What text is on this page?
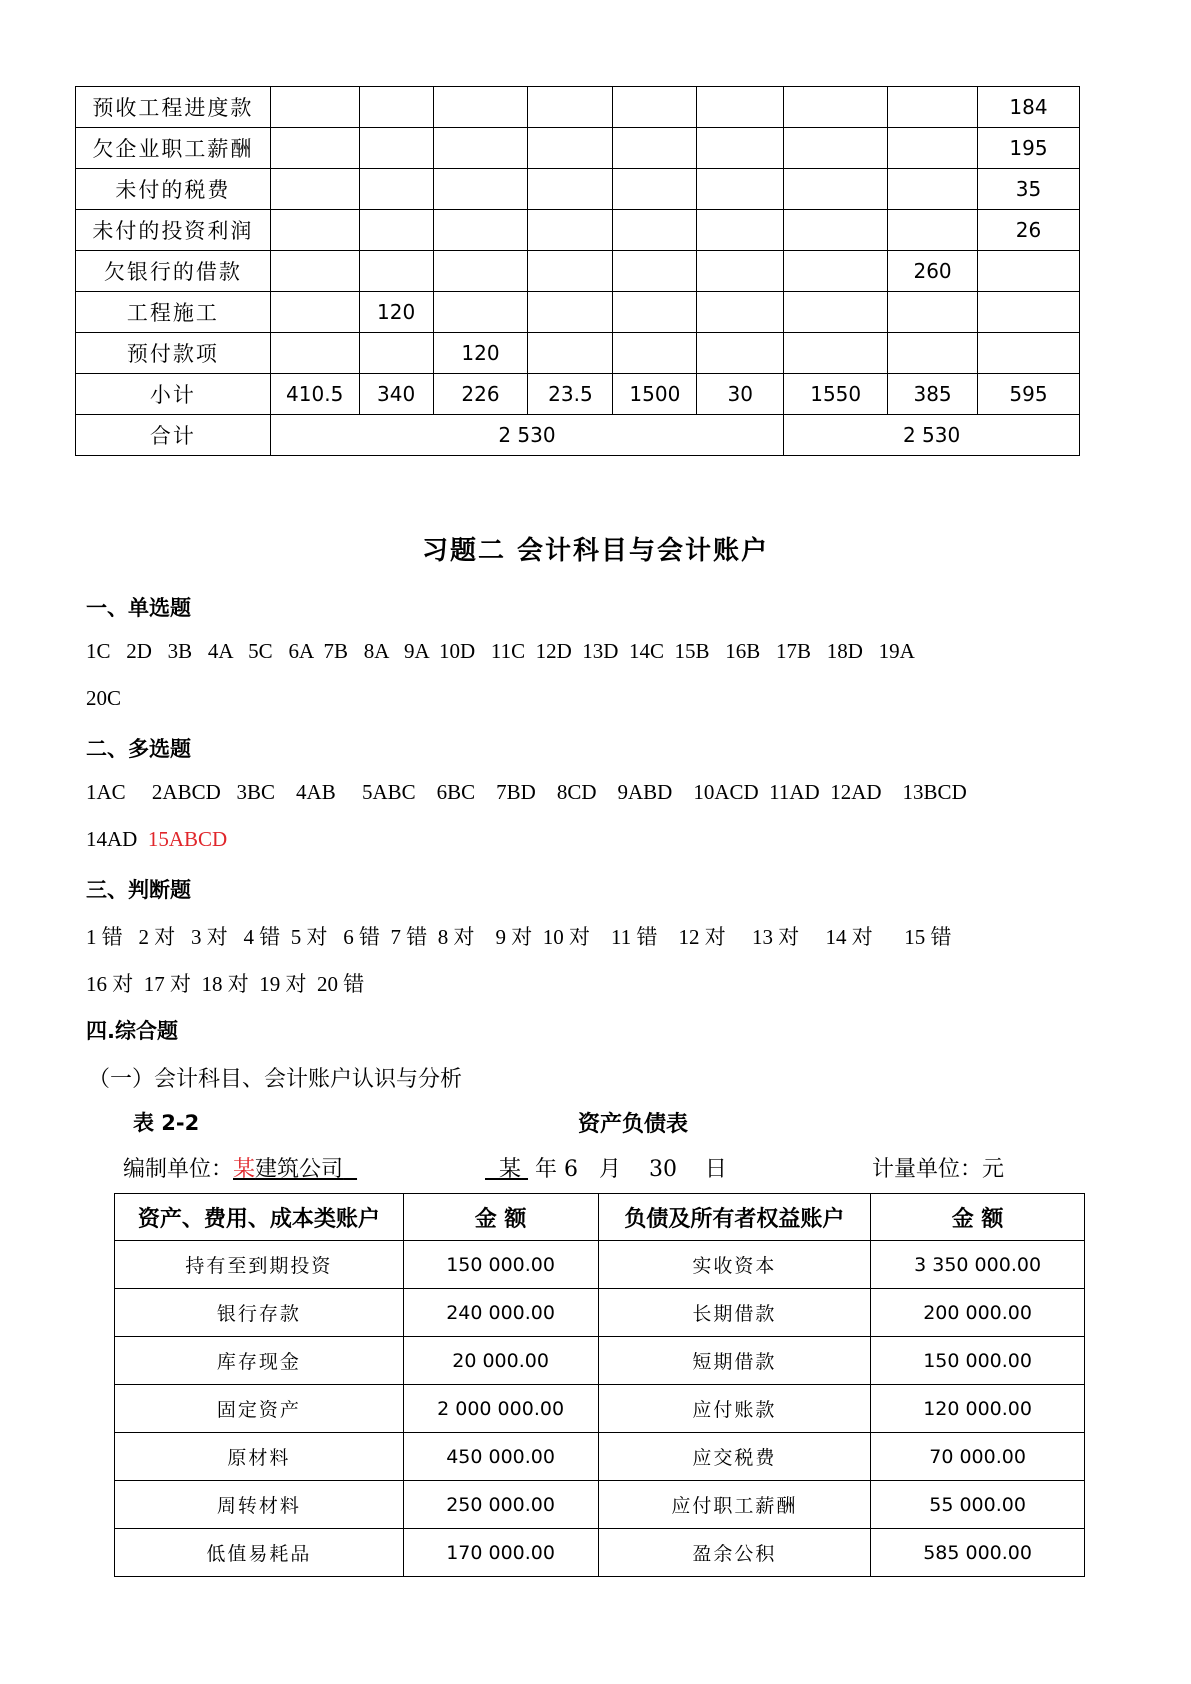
预收工程进度款									184
欠企业职工薪酬									195
未付的税费									35
未付的投资利润									26
欠银行的借款								260	
工程施工		120							
预付款项			120						
小计	410.5	340	226	23.5	1500	30	1550	385	595
合计	2 530						2 530		
习题二 会计科目与会计账户
一、单选题
1C   2D   3B   4A   5C   6A  7B   8A   9A  10D   11C  12D  13D  14C  15B   16B   17B   18D   19A
20C
二、多选题
1AC     2ABCD   3BC    4AB     5ABC    6BC    7BD    8CD    9ABD    10ACD  11AD  12AD    13BCD
14AD  15ABCD
三、判断题
1 错   2 对   3 对   4 错  5 对   6 错  7 错  8 对    9 对  10 对    11 错    12 对     13 对     14 对      15 错
16 对  17 对  18 对  19 对  20 错
四.综合题
（一）会计科目、会计账户认识与分析
表 2-2	资产负债表
编制单位：某建筑公司	某  年 6   月    30    日	计量单位：元
资产、费用、成本类账户	金 额	负债及所有者权益账户	金 额
持有至到期投资	150 000.00	实收资本	3 350 000.00
银行存款	240 000.00	长期借款	200 000.00
库存现金	20 000.00	短期借款	150 000.00
固定资产	2 000 000.00	应付账款	120 000.00
原材料	450 000.00	应交税费	70 000.00
周转材料	250 000.00	应付职工薪酬	55 000.00
低值易耗品	170 000.00	盈余公积	585 000.00
